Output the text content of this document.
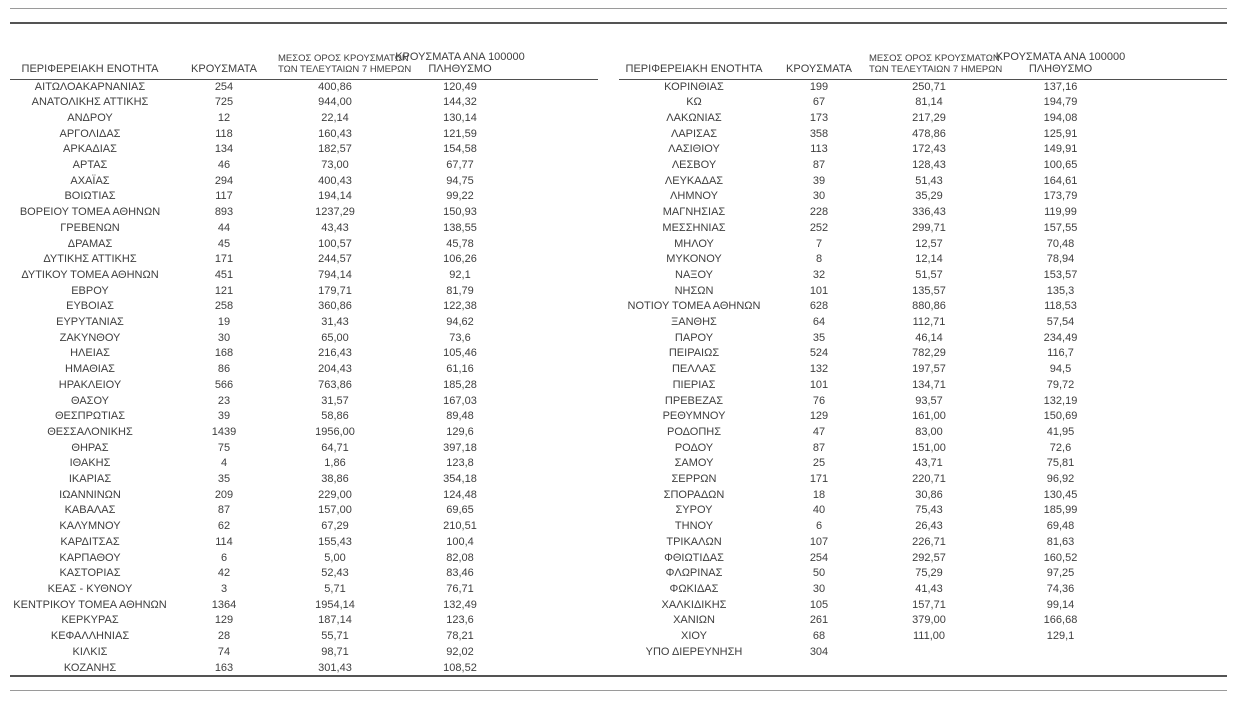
ΠΕΡΙΦΕΡΕΙΑΚΗ ΕΝΟΤΗΤΑ	ΚΡΟΥΣΜΑΤΑ	ΜΕΣΟΣ ΟΡΟΣ ΚΡΟΥΣΜΑΤΩΝ
ΤΩΝ ΤΕΛΕΥΤΑΙΩΝ 7 ΗΜΕΡΩΝ	ΚΡΟΥΣΜΑΤΑ ΑΝΑ 100000
ΠΛΗΘΥΣΜΟ
ΑΙΤΩΛΟΑΚΑΡΝΑΝΙΑΣ	254	400,86	120,49
ΑΝΑΤΟΛΙΚΗΣ ΑΤΤΙΚΗΣ	725	944,00	144,32
ΑΝΔΡΟΥ	12	22,14	130,14
ΑΡΓΟΛΙΔΑΣ	118	160,43	121,59
ΑΡΚΑΔΙΑΣ	134	182,57	154,58
ΑΡΤΑΣ	46	73,00	67,77
ΑΧΑΪΑΣ	294	400,43	94,75
ΒΟΙΩΤΙΑΣ	117	194,14	99,22
ΒΟΡΕΙΟΥ ΤΟΜΕΑ ΑΘΗΝΩΝ	893	1237,29	150,93
ΓΡΕΒΕΝΩΝ	44	43,43	138,55
ΔΡΑΜΑΣ	45	100,57	45,78
ΔΥΤΙΚΗΣ ΑΤΤΙΚΗΣ	171	244,57	106,26
ΔΥΤΙΚΟΥ ΤΟΜΕΑ ΑΘΗΝΩΝ	451	794,14	92,1
ΕΒΡΟΥ	121	179,71	81,79
ΕΥΒΟΙΑΣ	258	360,86	122,38
ΕΥΡΥΤΑΝΙΑΣ	19	31,43	94,62
ΖΑΚΥΝΘΟΥ	30	65,00	73,6
ΗΛΕΙΑΣ	168	216,43	105,46
ΗΜΑΘΙΑΣ	86	204,43	61,16
ΗΡΑΚΛΕΙΟΥ	566	763,86	185,28
ΘΑΣΟΥ	23	31,57	167,03
ΘΕΣΠΡΩΤΙΑΣ	39	58,86	89,48
ΘΕΣΣΑΛΟΝΙΚΗΣ	1439	1956,00	129,6
ΘΗΡΑΣ	75	64,71	397,18
ΙΘΑΚΗΣ	4	1,86	123,8
ΙΚΑΡΙΑΣ	35	38,86	354,18
ΙΩΑΝΝΙΝΩΝ	209	229,00	124,48
ΚΑΒΑΛΑΣ	87	157,00	69,65
ΚΑΛΥΜΝΟΥ	62	67,29	210,51
ΚΑΡΔΙΤΣΑΣ	114	155,43	100,4
ΚΑΡΠΑΘΟΥ	6	5,00	82,08
ΚΑΣΤΟΡΙΑΣ	42	52,43	83,46
ΚΕΑΣ - ΚΥΘΝΟΥ	3	5,71	76,71
ΚΕΝΤΡΙΚΟΥ ΤΟΜΕΑ ΑΘΗΝΩΝ	1364	1954,14	132,49
ΚΕΡΚΥΡΑΣ	129	187,14	123,6
ΚΕΦΑΛΛΗΝΙΑΣ	28	55,71	78,21
ΚΙΛΚΙΣ	74	98,71	92,02
ΚΟΖΑΝΗΣ	163	301,43	108,52
ΠΕΡΙΦΕΡΕΙΑΚΗ ΕΝΟΤΗΤΑ	ΚΡΟΥΣΜΑΤΑ	ΜΕΣΟΣ ΟΡΟΣ ΚΡΟΥΣΜΑΤΩΝ
ΤΩΝ ΤΕΛΕΥΤΑΙΩΝ 7 ΗΜΕΡΩΝ	ΚΡΟΥΣΜΑΤΑ ΑΝΑ 100000
ΠΛΗΘΥΣΜΟ
ΚΟΡΙΝΘΙΑΣ	199	250,71	137,16
ΚΩ	67	81,14	194,79
ΛΑΚΩΝΙΑΣ	173	217,29	194,08
ΛΑΡΙΣΑΣ	358	478,86	125,91
ΛΑΣΙΘΙΟΥ	113	172,43	149,91
ΛΕΣΒΟΥ	87	128,43	100,65
ΛΕΥΚΑΔΑΣ	39	51,43	164,61
ΛΗΜΝΟΥ	30	35,29	173,79
ΜΑΓΝΗΣΙΑΣ	228	336,43	119,99
ΜΕΣΣΗΝΙΑΣ	252	299,71	157,55
ΜΗΛΟΥ	7	12,57	70,48
ΜΥΚΟΝΟΥ	8	12,14	78,94
ΝΑΞΟΥ	32	51,57	153,57
ΝΗΣΩΝ	101	135,57	135,3
ΝΟΤΙΟΥ ΤΟΜΕΑ ΑΘΗΝΩΝ	628	880,86	118,53
ΞΑΝΘΗΣ	64	112,71	57,54
ΠΑΡΟΥ	35	46,14	234,49
ΠΕΙΡΑΙΩΣ	524	782,29	116,7
ΠΕΛΛΑΣ	132	197,57	94,5
ΠΙΕΡΙΑΣ	101	134,71	79,72
ΠΡΕΒΕΖΑΣ	76	93,57	132,19
ΡΕΘΥΜΝΟΥ	129	161,00	150,69
ΡΟΔΟΠΗΣ	47	83,00	41,95
ΡΟΔΟΥ	87	151,00	72,6
ΣΑΜΟΥ	25	43,71	75,81
ΣΕΡΡΩΝ	171	220,71	96,92
ΣΠΟΡΑΔΩΝ	18	30,86	130,45
ΣΥΡΟΥ	40	75,43	185,99
ΤΗΝΟΥ	6	26,43	69,48
ΤΡΙΚΑΛΩΝ	107	226,71	81,63
ΦΘΙΩΤΙΔΑΣ	254	292,57	160,52
ΦΛΩΡΙΝΑΣ	50	75,29	97,25
ΦΩΚΙΔΑΣ	30	41,43	74,36
ΧΑΛΚΙΔΙΚΗΣ	105	157,71	99,14
ΧΑΝΙΩΝ	261	379,00	166,68
ΧΙΟΥ	68	111,00	129,1
ΥΠΟ ΔΙΕΡΕΥΝΗΣΗ	304		
